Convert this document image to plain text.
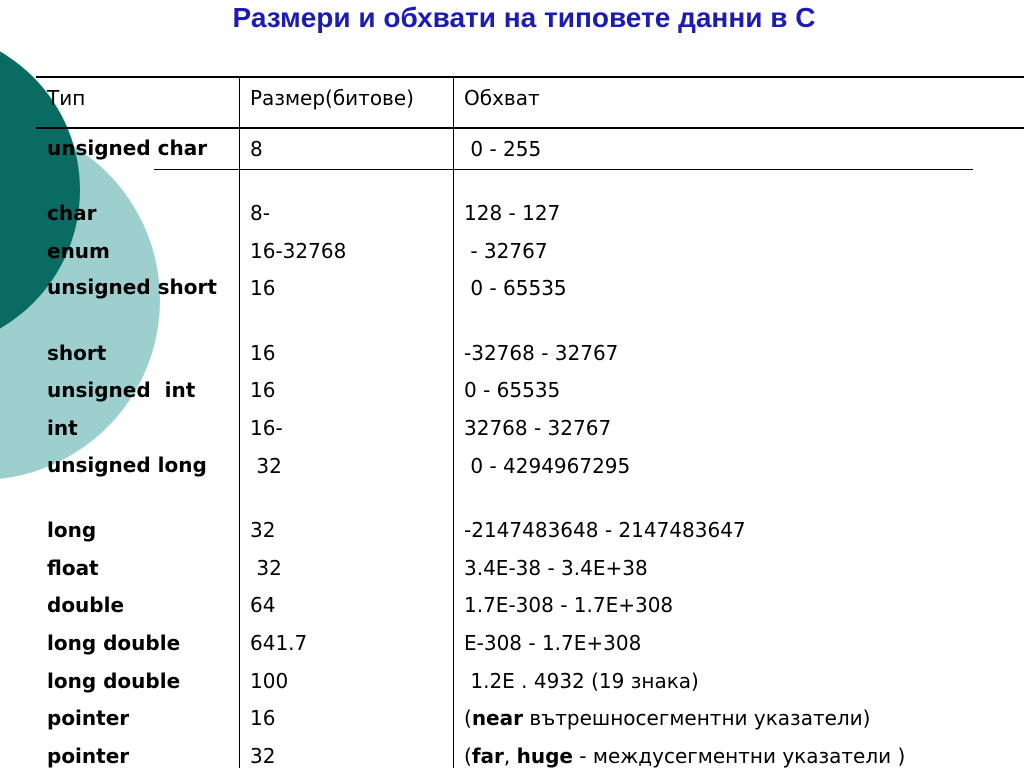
Размери и обхвати на типовете данни в C
Тип	Размер(битове)	Обхват
unsigned char	8	0 - 255
char	8-	128 - 127
enum	16-32768	- 32767
unsigned short	16	0 - 65535
short	16	-32768 - 32767
unsigned  int	16	0 - 65535
int	16-	32768 - 32767
unsigned long	32	0 - 4294967295
long	32	-2147483648 - 2147483647
float	32	3.4E-38 - 3.4E+38
double	64	1.7E-308 - 1.7E+308
long double	641.7	E-308 - 1.7E+308
long double	100	1.2E . 4932 (19 знака)
pointer	16	(near вътрешносегментни указатели)
pointer	32	(far, huge - междусегментни указатели )
